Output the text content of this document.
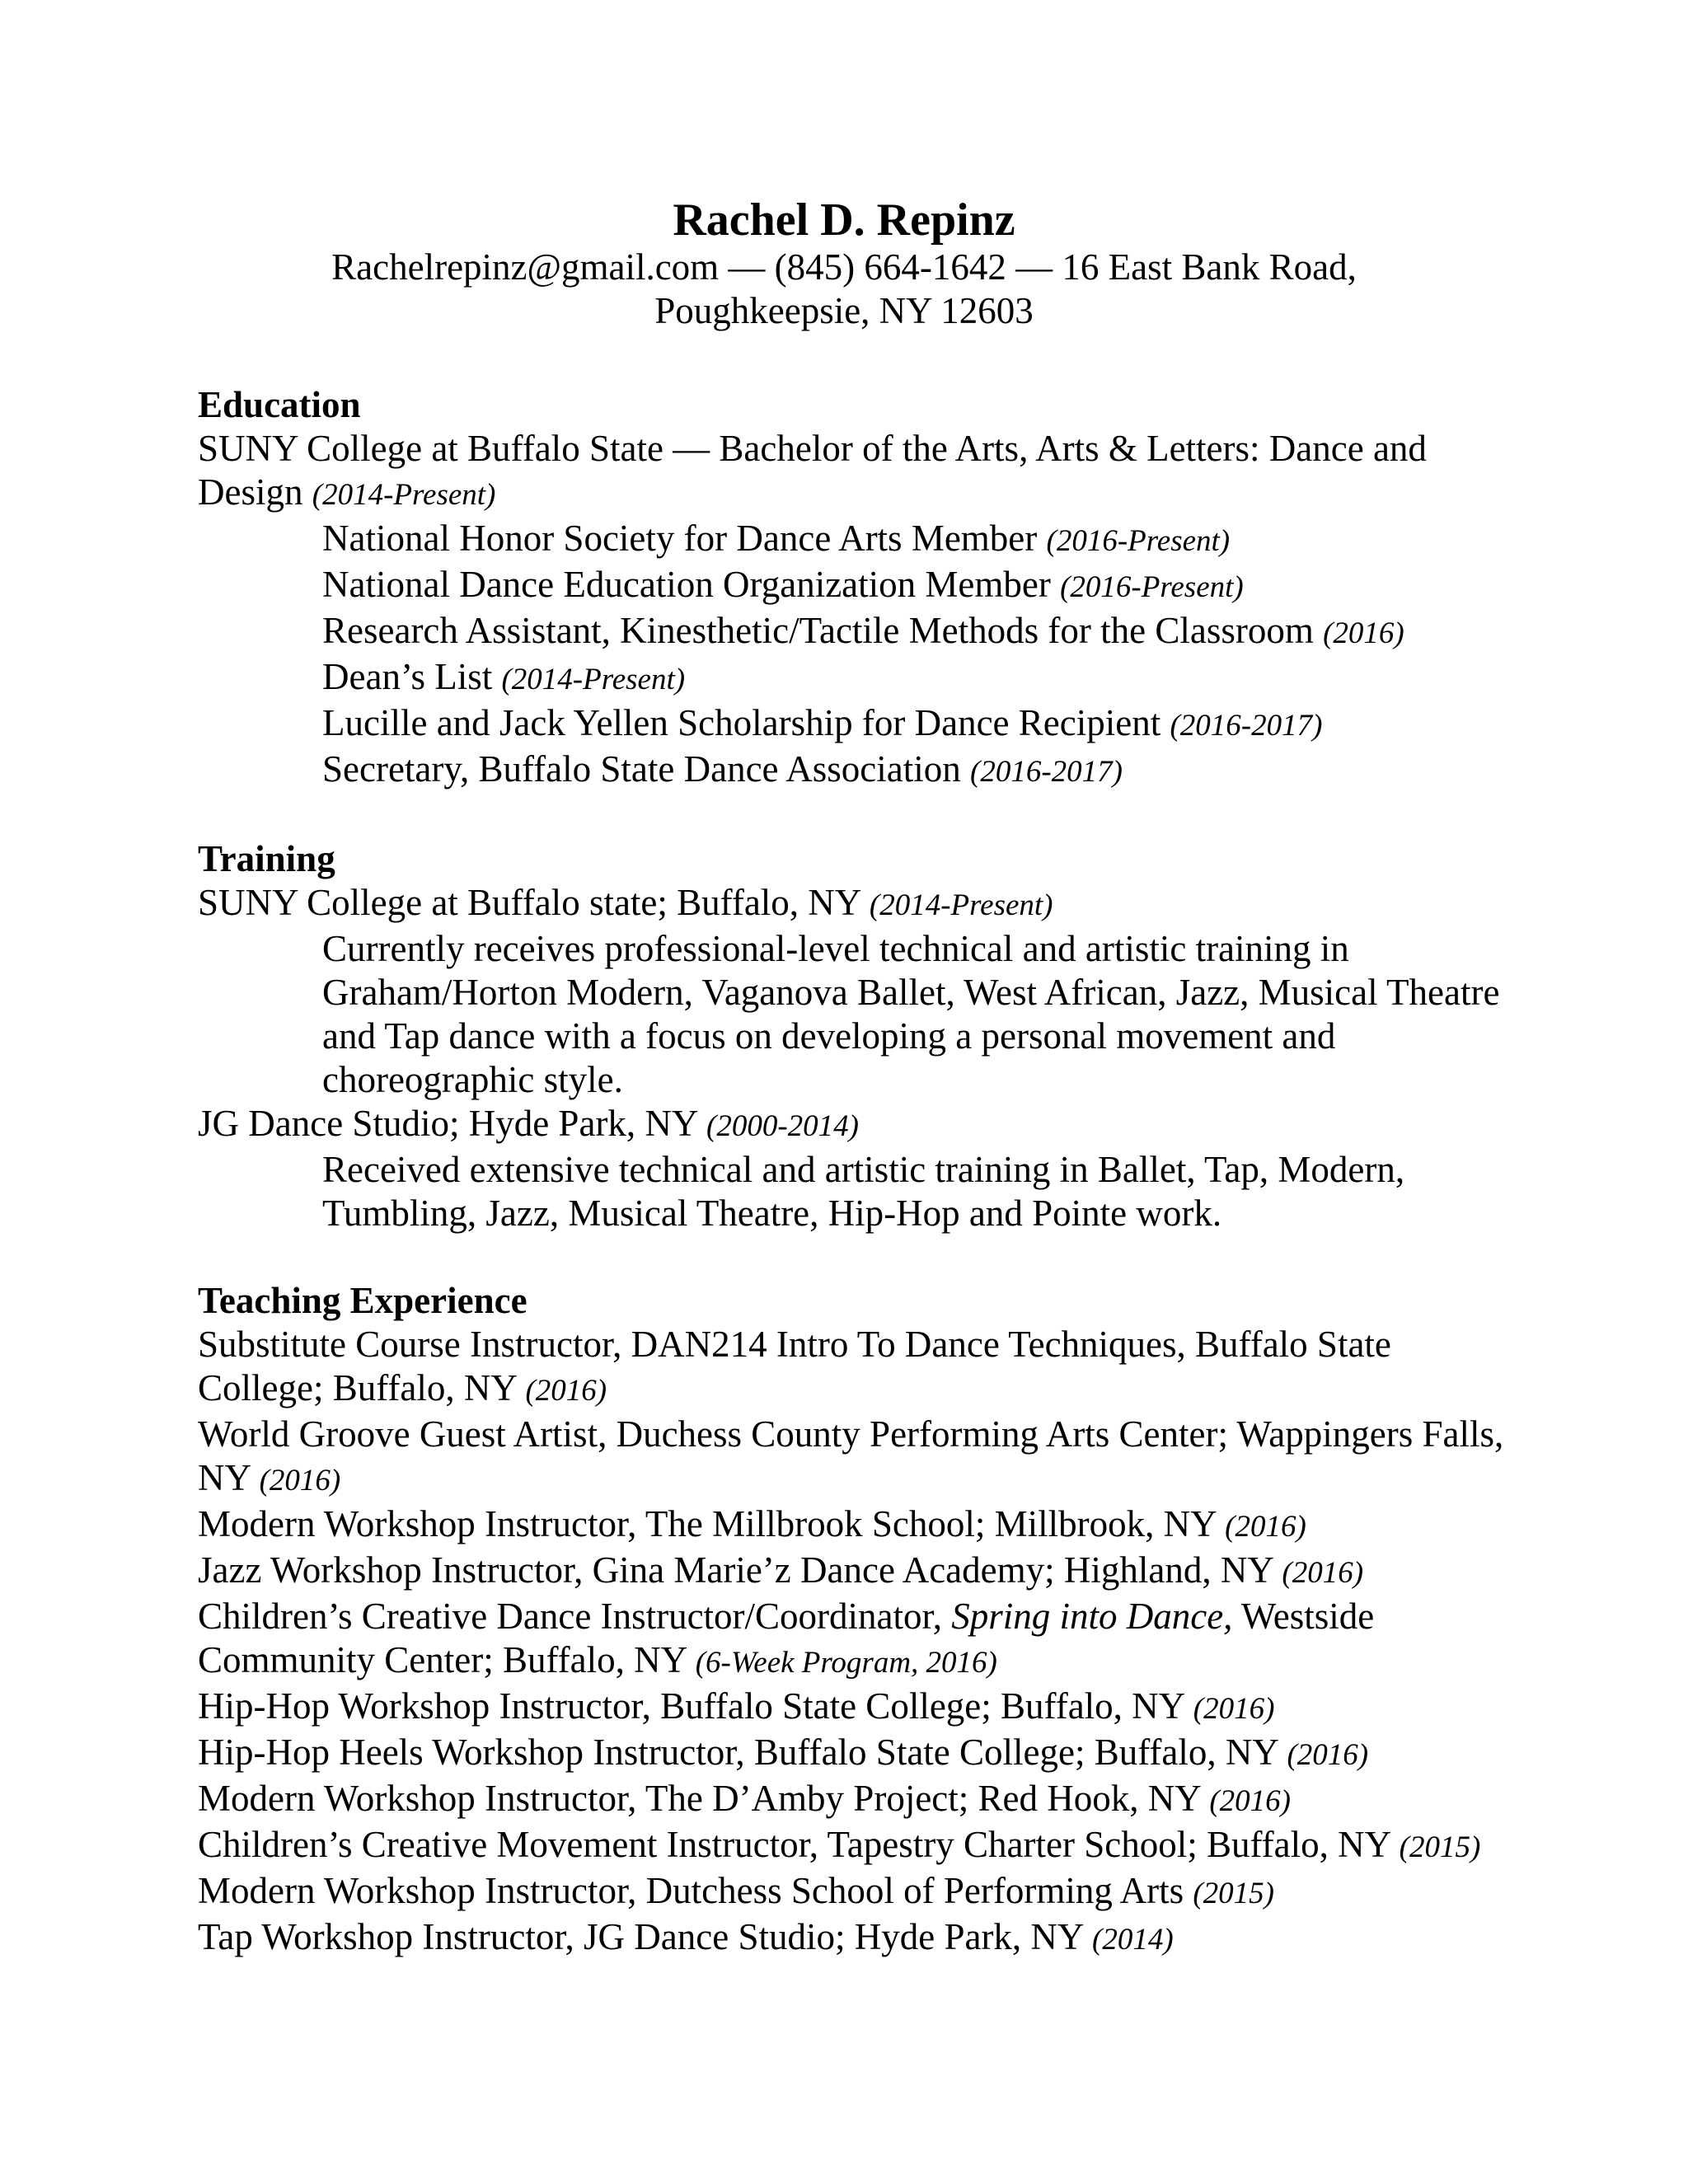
Rachel D. Repinz
Rachelrepinz@gmail.com — (845) 664-1642 — 16 East Bank Road,
Poughkeepsie, NY 12603
Education
SUNY College at Buffalo State — Bachelor of the Arts, Arts & Letters: Dance and Design (2014-Present)
National Honor Society for Dance Arts Member (2016-Present)
National Dance Education Organization Member (2016-Present)
Research Assistant, Kinesthetic/Tactile Methods for the Classroom (2016)
Dean’s List (2014-Present)
Lucille and Jack Yellen Scholarship for Dance Recipient (2016-2017)
Secretary, Buffalo State Dance Association (2016-2017)
Training
SUNY College at Buffalo state; Buffalo, NY (2014-Present)
Currently receives professional-level technical and artistic training in Graham/Horton Modern, Vaganova Ballet, West African, Jazz, Musical Theatre and Tap dance with a focus on developing a personal movement and choreographic style.
JG Dance Studio; Hyde Park, NY (2000-2014)
Received extensive technical and artistic training in Ballet, Tap, Modern, Tumbling, Jazz, Musical Theatre, Hip-Hop and Pointe work.
Teaching Experience
Substitute Course Instructor, DAN214 Intro To Dance Techniques, Buffalo State College; Buffalo, NY (2016)
World Groove Guest Artist, Duchess County Performing Arts Center; Wappingers Falls, NY (2016)
Modern Workshop Instructor, The Millbrook School; Millbrook, NY (2016)
Jazz Workshop Instructor, Gina Marie’z Dance Academy; Highland, NY (2016)
Children’s Creative Dance Instructor/Coordinator, Spring into Dance, Westside Community Center; Buffalo, NY (6-Week Program, 2016)
Hip-Hop Workshop Instructor, Buffalo State College; Buffalo, NY (2016)
Hip-Hop Heels Workshop Instructor, Buffalo State College; Buffalo, NY (2016)
Modern Workshop Instructor, The D’Amby Project; Red Hook, NY (2016)
Children’s Creative Movement Instructor, Tapestry Charter School; Buffalo, NY (2015)
Modern Workshop Instructor, Dutchess School of Performing Arts (2015)
Tap Workshop Instructor, JG Dance Studio; Hyde Park, NY (2014)
